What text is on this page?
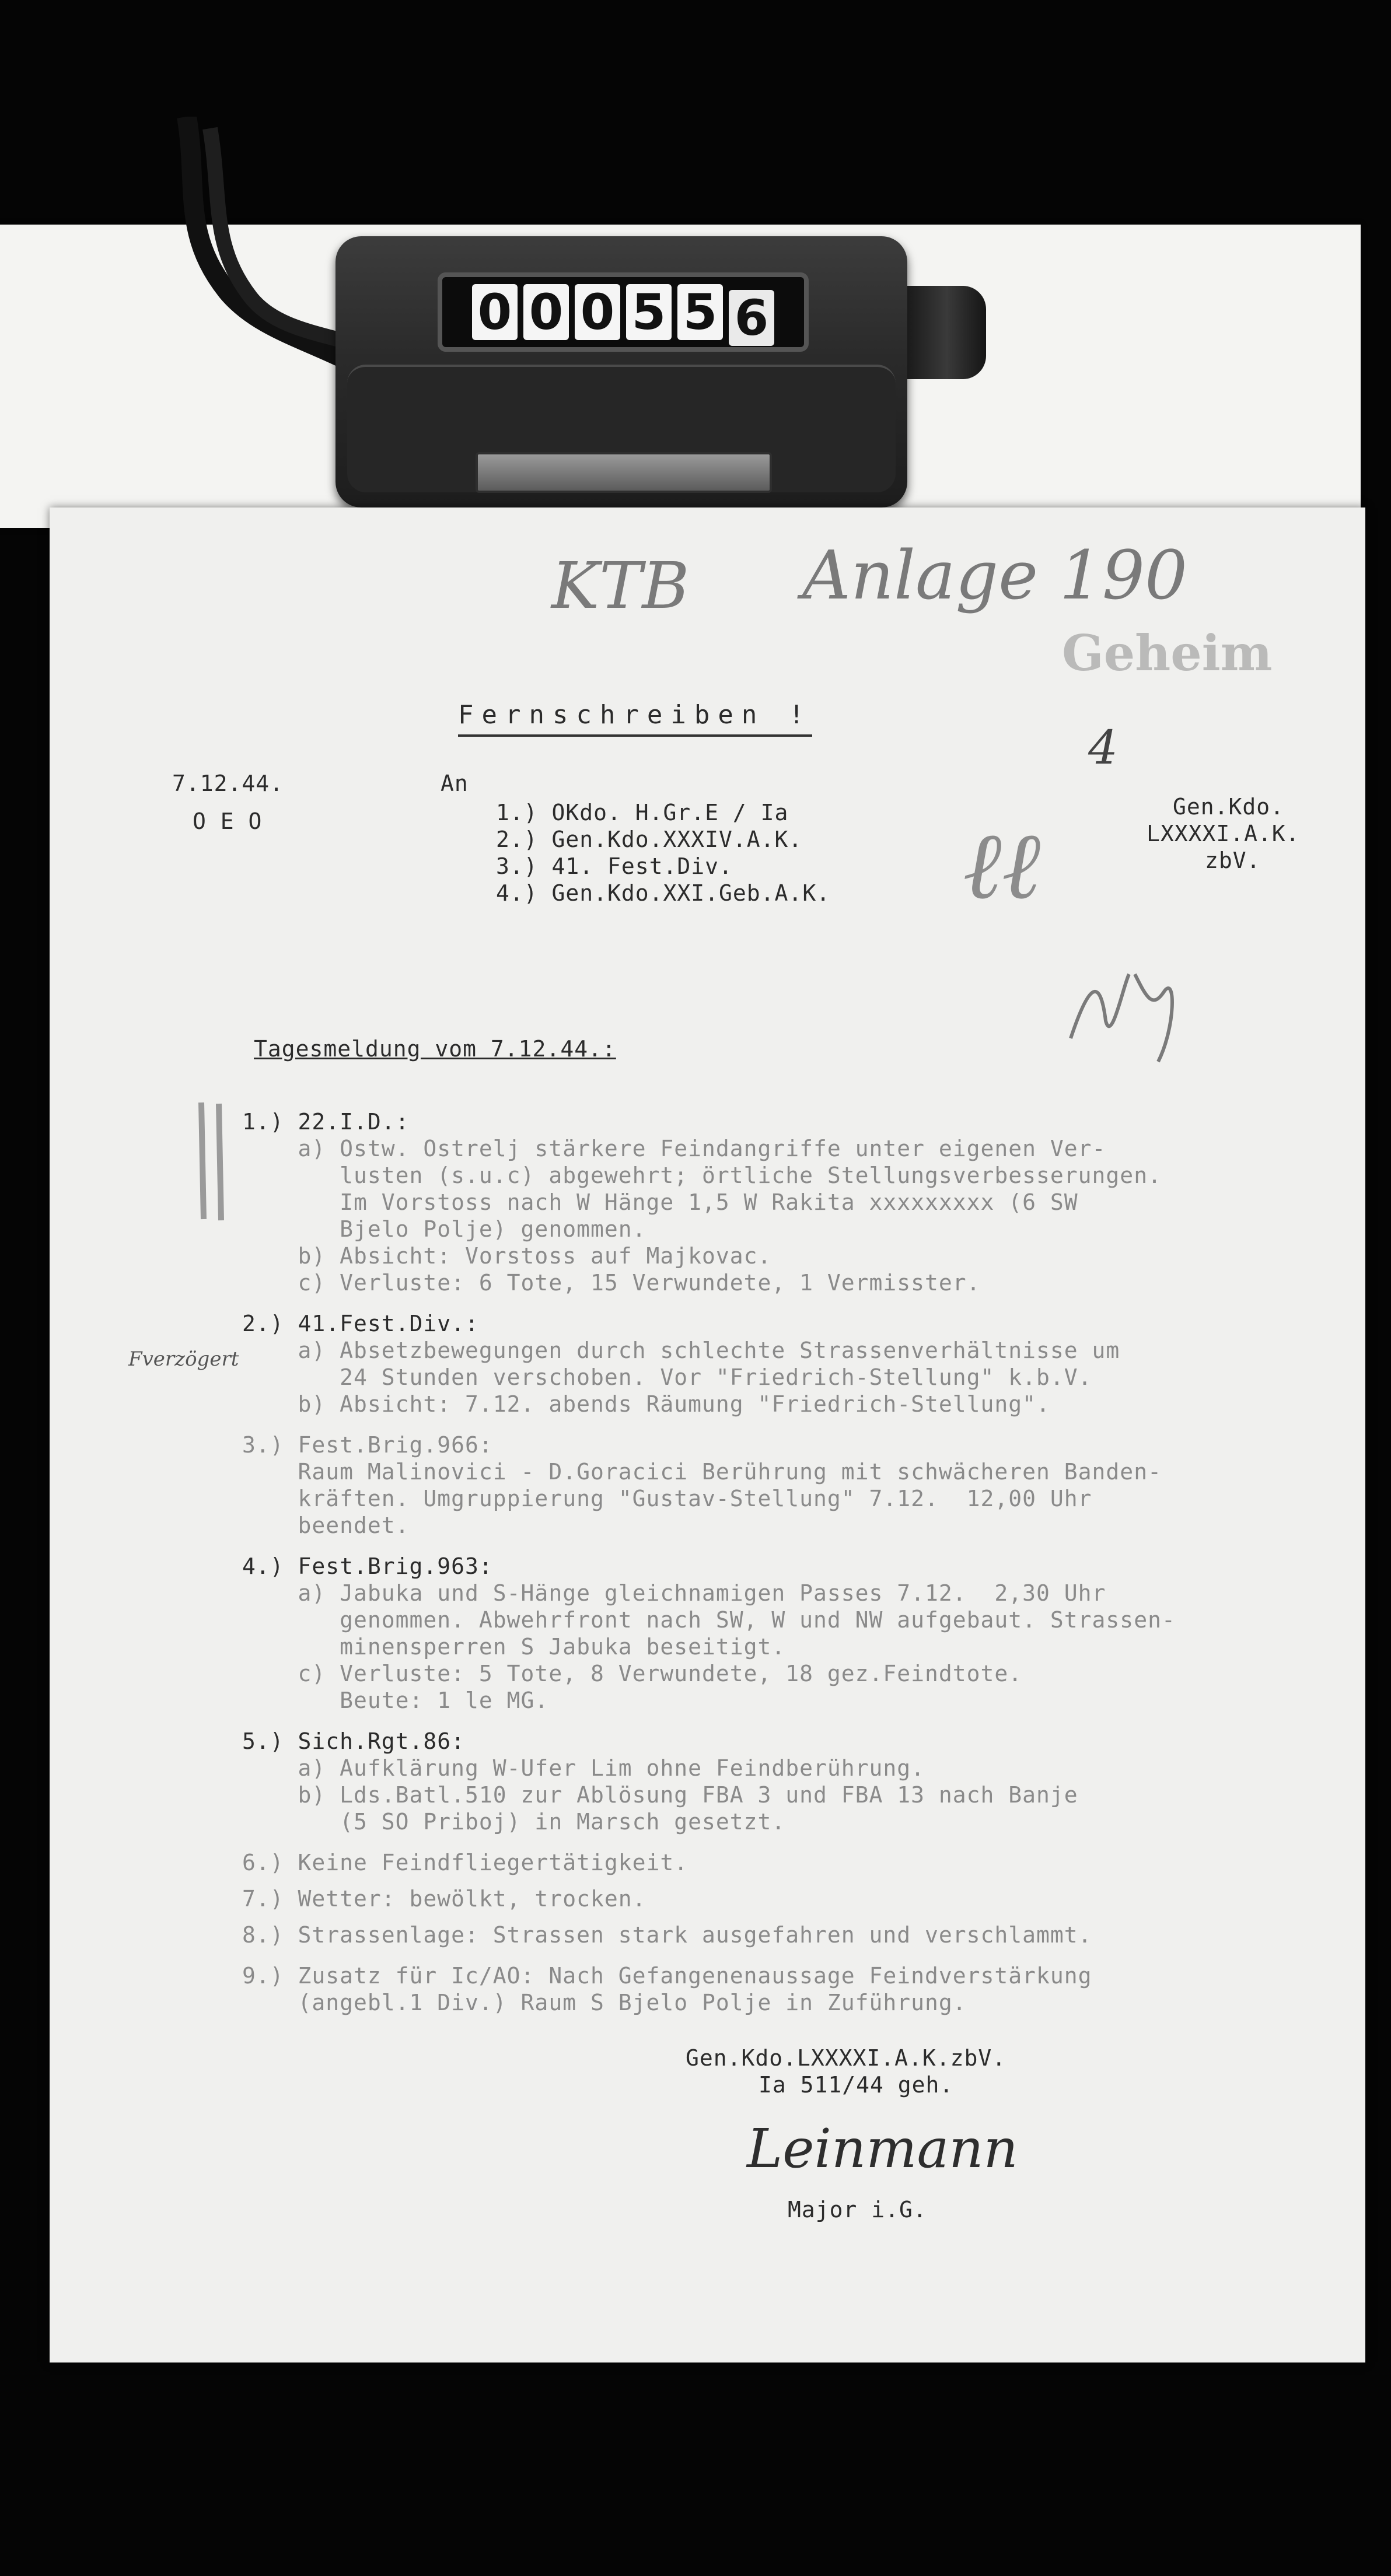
0 0 0 5 5 6
KTB Anlage 190
Geheim
4
ℓℓ
Fverzögert
Fernschreiben !
7.12.44.
O E O
An
1.) OKdo. H.Gr.E / Ia
2.) Gen.Kdo.XXXIV.A.K.
3.) 41. Fest.Div.
4.) Gen.Kdo.XXI.Geb.A.K.
Gen.Kdo.
LXXXXI.A.K.
zbV.
Tagesmeldung vom 7.12.44.:
1.) 22.I.D.:
a) Ostw. Ostrelj stärkere Feindangriffe unter eigenen Ver-
lusten (s.u.c) abgewehrt; örtliche Stellungsverbesserungen.
Im Vorstoss nach W Hänge 1,5 W Rakita xxxxxxxxx (6 SW
Bjelo Polje) genommen.
b) Absicht: Vorstoss auf Majkovac.
c) Verluste: 6 Tote, 15 Verwundete, 1 Vermisster.
2.) 41.Fest.Div.:
a) Absetzbewegungen durch schlechte Strassenverhältnisse um
24 Stunden verschoben. Vor "Friedrich-Stellung" k.b.V.
b) Absicht: 7.12. abends Räumung "Friedrich-Stellung".
3.) Fest.Brig.966:
Raum Malinovici - D.Goracici Berührung mit schwächeren Banden-
kräften. Umgruppierung "Gustav-Stellung" 7.12.  12,00 Uhr
beendet.
4.) Fest.Brig.963:
a) Jabuka und S-Hänge gleichnamigen Passes 7.12.  2,30 Uhr
genommen. Abwehrfront nach SW, W und NW aufgebaut. Strassen-
minensperren S Jabuka beseitigt.
c) Verluste: 5 Tote, 8 Verwundete, 18 gez.Feindtote.
Beute: 1 le MG.
5.) Sich.Rgt.86:
a) Aufklärung W-Ufer Lim ohne Feindberührung.
b) Lds.Batl.510 zur Ablösung FBA 3 und FBA 13 nach Banje
(5 SO Priboj) in Marsch gesetzt.
6.) Keine Feindfliegertätigkeit.
7.) Wetter: bewölkt, trocken.
8.) Strassenlage: Strassen stark ausgefahren und verschlammt.
9.) Zusatz für Ic/AO: Nach Gefangenenaussage Feindverstärkung
(angebl.1 Div.) Raum S Bjelo Polje in Zuführung.
Gen.Kdo.LXXXXI.A.K.zbV.
Ia 511/44 geh.
Leinmann
Major i.G.
